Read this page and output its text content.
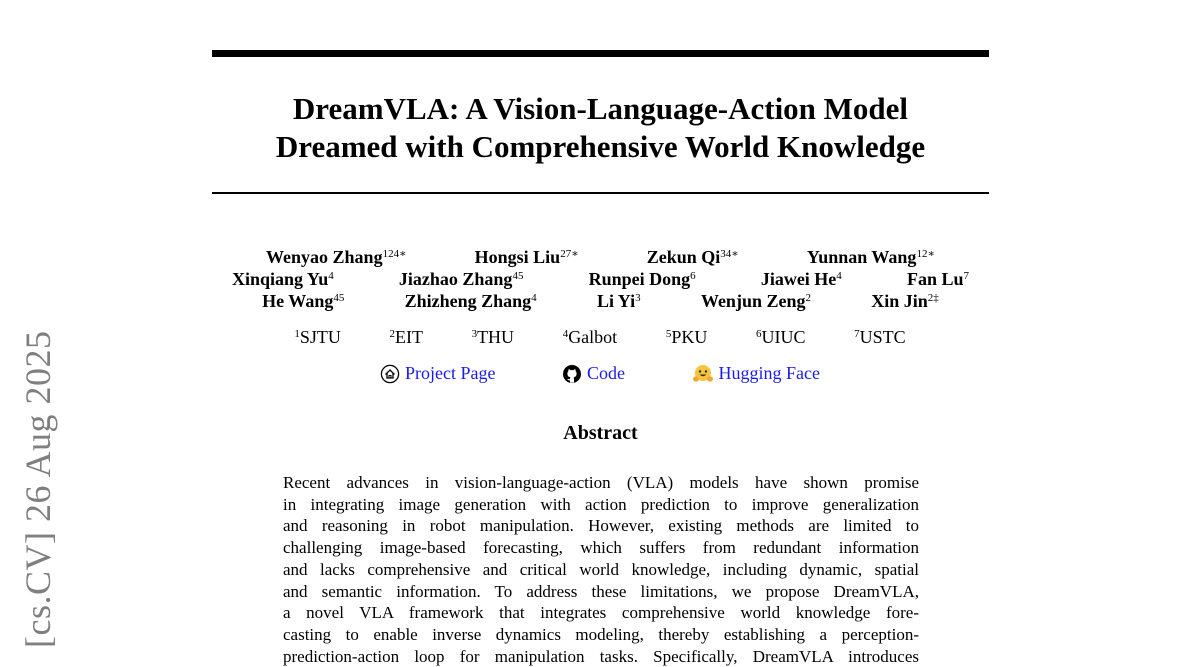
[cs.CV] 26 Aug 2025
DreamVLA: A Vision-Language-Action Model
Dreamed with Comprehensive World Knowledge
Wenyao Zhang$^{124∗}$	Hongsi Liu$^{27∗}$	Zekun $Qi^{34∗}$	Yunnan Wang$^{12∗}$
Xinqiang Yu$^4$	Jiazhao Zhang$^{45}$	Runpei Dong$^6$	Jiawei He$^4$	Fan Lu$^7$
He Wang$^{45}$	Zhizheng Zhang$^4$	Li Yi$^3$	Wenjun Zeng$^2$	Xin Jin$^{2\ddagger}$
$^1$SJTU	$^2$EIT	$^3$THU	$^4$Galbot	$^5$PKU	$^6$UIUC	$^7$USTC
Project Page	Code	Hugging Face
Abstract
Recent advances in vision-language-action (VLA) models have shown promise
in integrating image generation with action prediction to improve generalization
and reasoning in robot manipulation. However, existing methods are limited to
challenging image-based forecasting, which suffers from redundant information
and lacks comprehensive and critical world knowledge, including dynamic, spatial
and semantic information. To address these limitations, we propose DreamVLA,
a novel VLA framework that integrates comprehensive world knowledge fore-
casting to enable inverse dynamics modeling, thereby establishing a perception-
prediction-action loop for manipulation tasks. Specifically, DreamVLA introduces
